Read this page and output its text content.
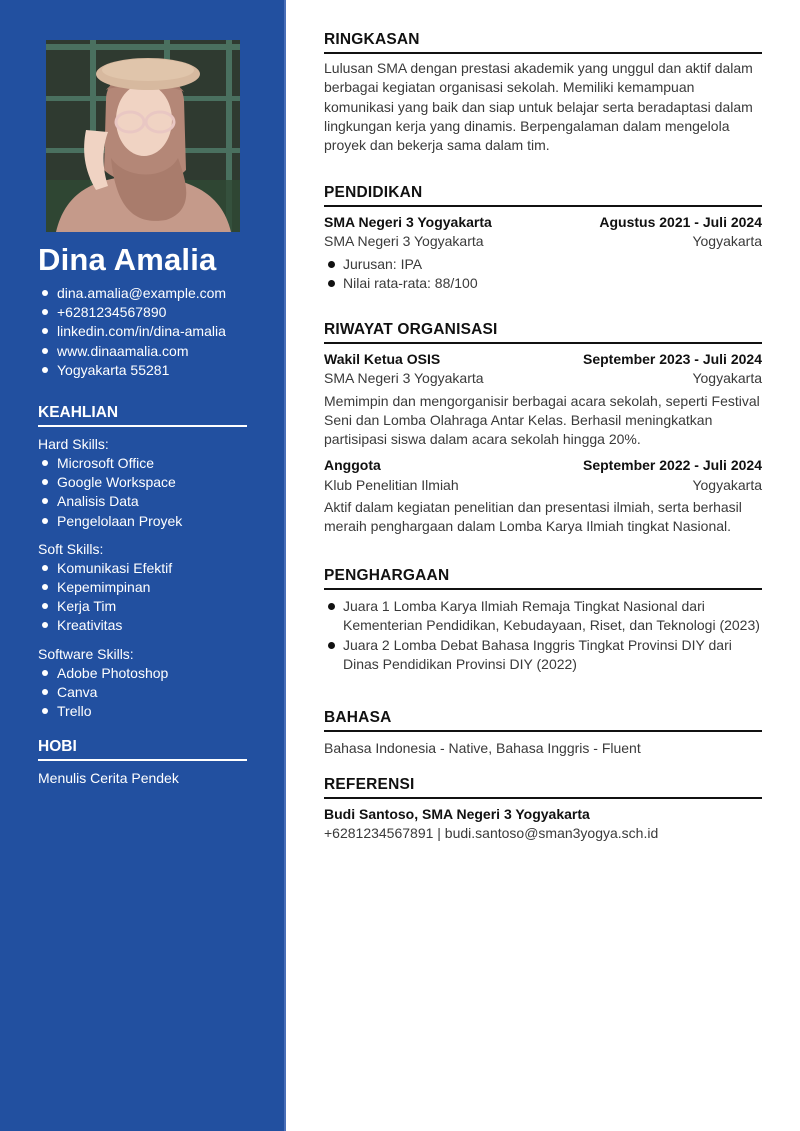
Dina Amalia
dina.amalia@example.com
+6281234567890
linkedin.com/in/dina-amalia
www.dinaamalia.com
Yogyakarta 55281
KEAHLIAN
Hard Skills:
Microsoft Office
Google Workspace
Analisis Data
Pengelolaan Proyek
Soft Skills:
Komunikasi Efektif
Kepemimpinan
Kerja Tim
Kreativitas
Software Skills:
Adobe Photoshop
Canva
Trello
HOBI
Menulis Cerita Pendek
RINGKASAN

Lulusan SMA dengan prestasi akademik yang unggul dan aktif dalam berbagai kegiatan organisasi sekolah. Memiliki kemampuan komunikasi yang baik dan siap untuk belajar serta beradaptasi dalam lingkungan kerja yang dinamis. Berpengalaman dalam mengelola proyek dan bekerja sama dalam tim.

PENDIDIKAN
SMA Negeri 3 Yogyakarta	Agustus 2021 - Juli 2024
SMA Negeri 3 Yogyakarta	Yogyakarta
Jurusan: IPA
Nilai rata-rata: 88/100
RIWAYAT ORGANISASI
Wakil Ketua OSIS	September 2023 - Juli 2024
SMA Negeri 3 Yogyakarta	Yogyakarta

Memimpin dan mengorganisir berbagai acara sekolah, seperti Festival Seni dan Lomba Olahraga Antar Kelas. Berhasil meningkatkan partisipasi siswa dalam acara sekolah hingga 20%.

Anggota	September 2022 - Juli 2024
Klub Penelitian Ilmiah	Yogyakarta

Aktif dalam kegiatan penelitian dan presentasi ilmiah, serta berhasil meraih penghargaan dalam Lomba Karya Ilmiah tingkat Nasional.

PENGHARGAAN
Juara 1 Lomba Karya Ilmiah Remaja Tingkat Nasional dari Kementerian Pendidikan, Kebudayaan, Riset, dan Teknologi (2023)
Juara 2 Lomba Debat Bahasa Inggris Tingkat Provinsi DIY dari Dinas Pendidikan Provinsi DIY (2022)
BAHASA

Bahasa Indonesia - Native, Bahasa Inggris - Fluent

REFERENSI
Budi Santoso, SMA Negeri 3 Yogyakarta
+6281234567891 | budi.santoso@sman3yogya.sch.id
